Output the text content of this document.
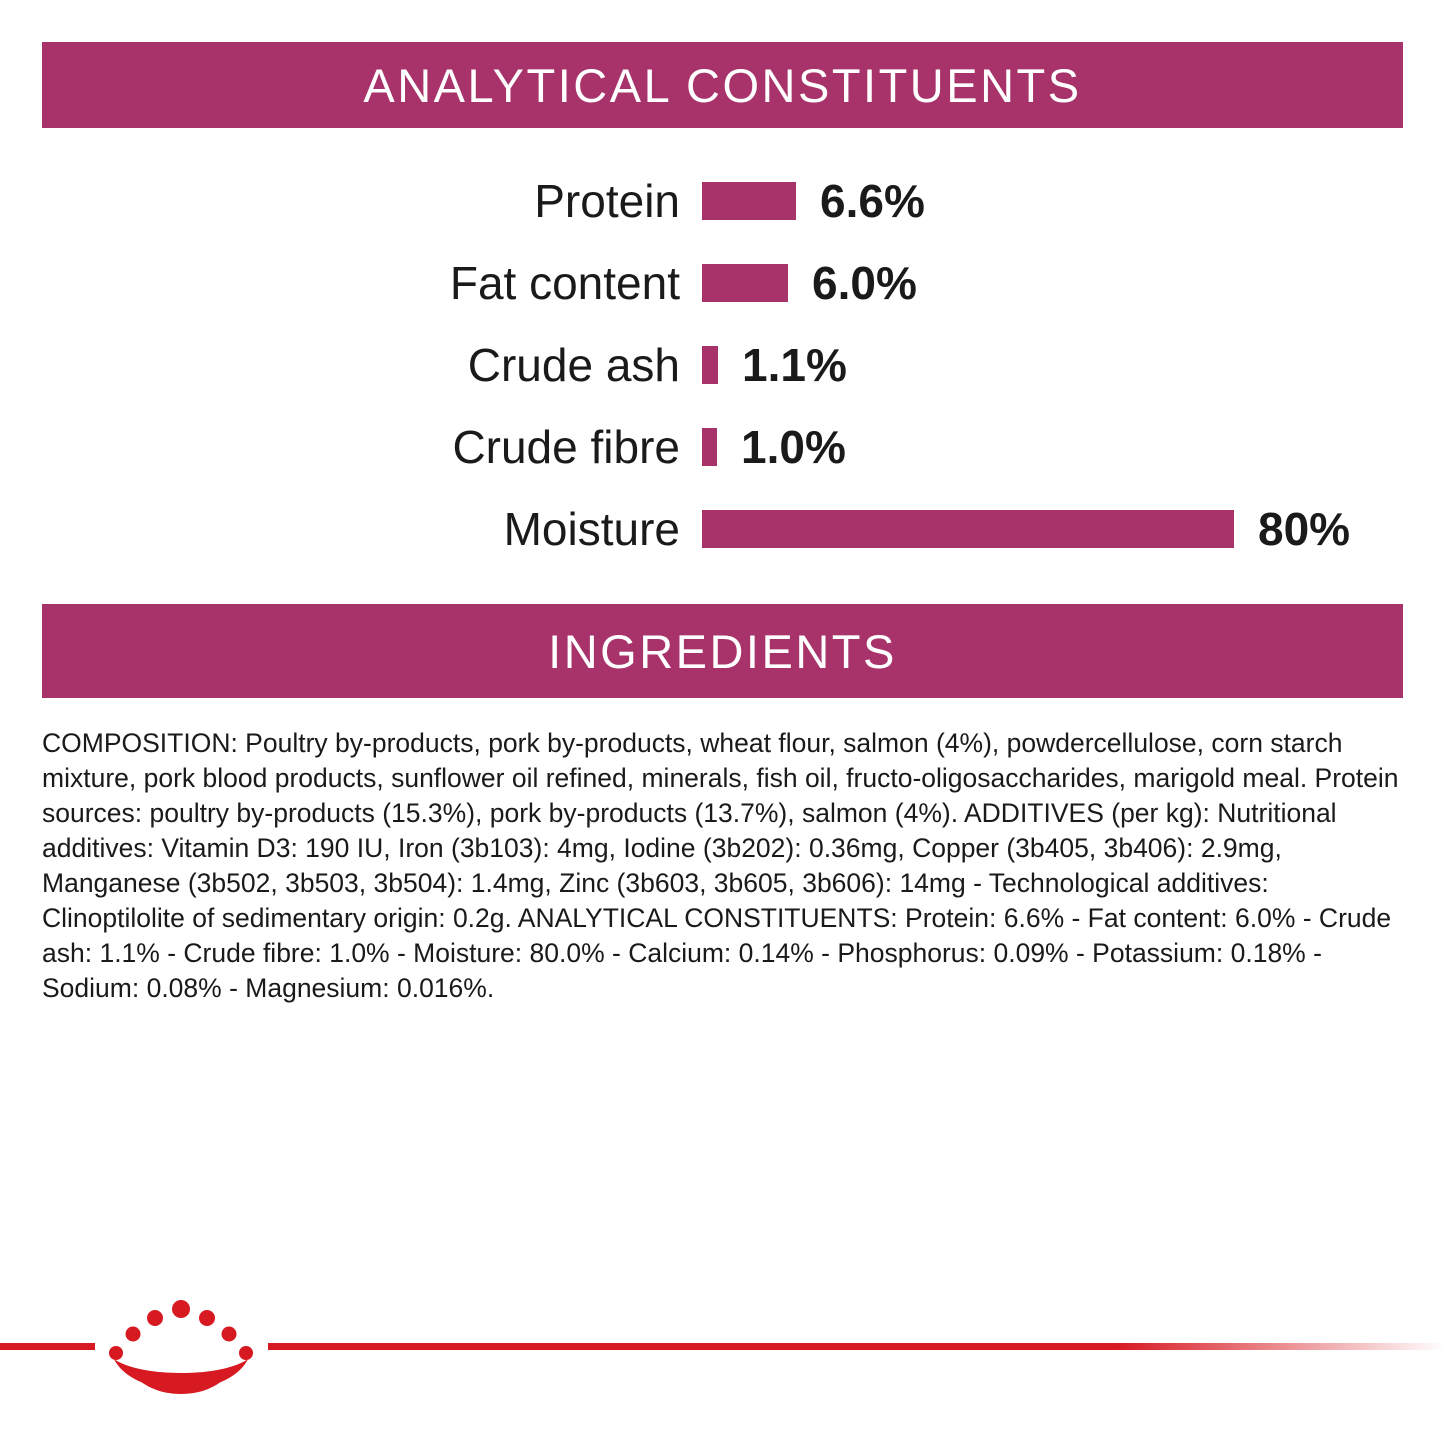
ANALYTICAL CONSTITUENTS
Protein	6.6%
Fat content	6.0%
Crude ash	1.1%
Crude fibre	1.0%
Moisture	80%
INGREDIENTS
COMPOSITION: Poultry by-products, pork by-products, wheat flour, salmon (4%), powdercellulose, corn starch mixture, pork blood products, sunflower oil refined, minerals, fish oil, fructo-oligosaccharides, marigold meal. Protein sources: poultry by-products (15.3%), pork by-products (13.7%), salmon (4%). ADDITIVES (per kg): Nutritional additives: Vitamin D3: 190 IU, Iron (3b103): 4mg, Iodine (3b202): 0.36mg, Copper (3b405, 3b406): 2.9mg, Manganese (3b502, 3b503, 3b504): 1.4mg, Zinc (3b603, 3b605, 3b606): 14mg - Technological additives: Clinoptilolite of sedimentary origin: 0.2g. ANALYTICAL CONSTITUENTS: Protein: 6.6% - Fat content: 6.0% - Crude ash: 1.1% - Crude fibre: 1.0% - Moisture: 80.0% - Calcium: 0.14% - Phosphorus: 0.09% - Potassium: 0.18% - Sodium: 0.08% - Magnesium: 0.016%.
